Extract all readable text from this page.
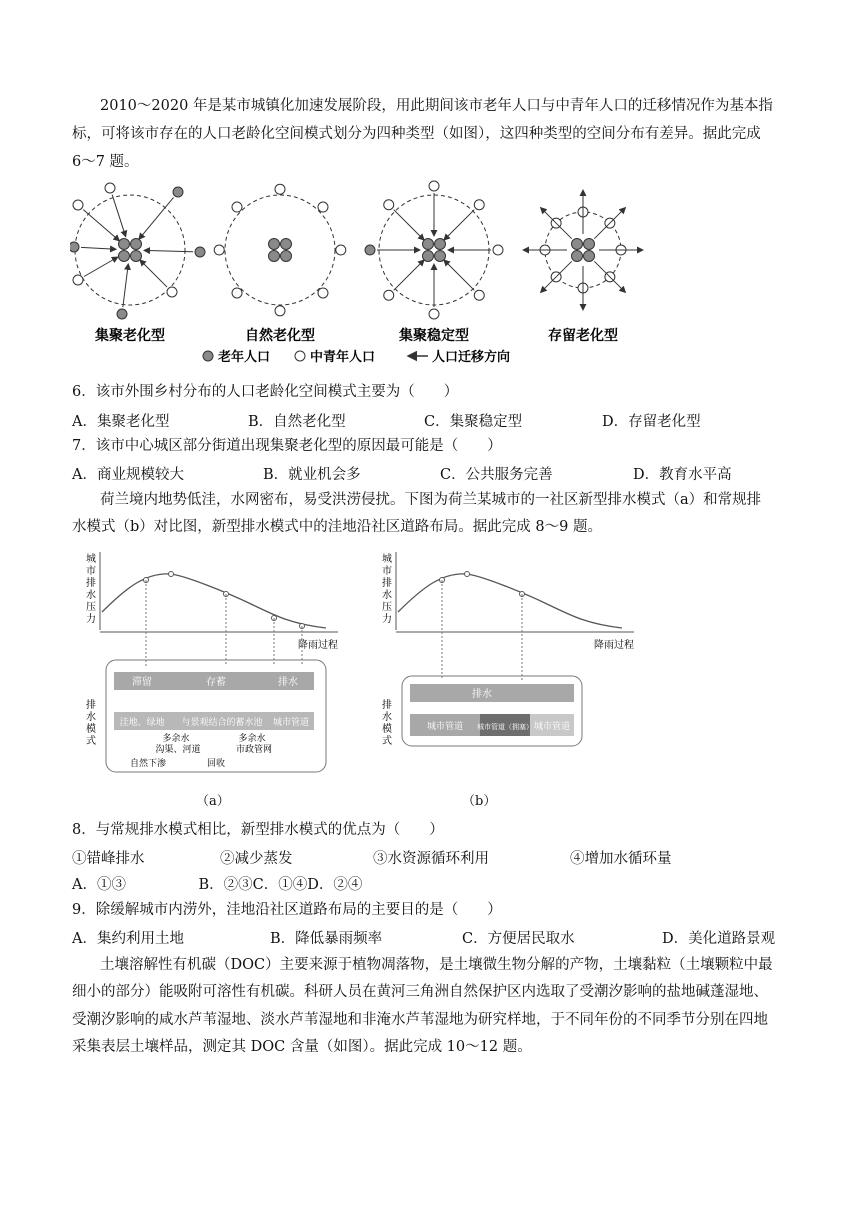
2010～2020 年是某市城镇化加速发展阶段，用此期间该市老年人口与中青年人口的迁移情况作为基本指
标，可将该市存在的人口老龄化空间模式划分为四种类型（如图），这四种类型的空间分布有差异。据此完成
6～7 题。
集聚老化型	自然老化型	集聚稳定型	存留老化型
老年人口	中青年人口	人口迁移方向
6．该市外围乡村分布的人口老龄化空间模式主要为（　　）
A．集聚老化型	B．自然老化型	C．集聚稳定型	D．存留老化型
7．该市中心城区部分街道出现集聚老化型的原因最可能是（　　）
A．商业规模较大	B．就业机会多	C．公共服务完善	D．教育水平高
荷兰境内地势低洼，水网密布，易受洪涝侵扰。下图为荷兰某城市的一社区新型排水模式（a）和常规排
水模式（b）对比图，新型排水模式中的洼地沿社区道路布局。据此完成 8～9 题。
城
市
排
水
压
力
降雨过程
排
水
模
式
滞留	存蓄	排水
洼地、绿地 与景观结合的蓄水池 城市管道
多余水	多余水
沟渠、河道	市政管网
自然下渗	回收
城
市
排
水
压
力
降雨过程
排
水
模
式
排水
城市管道 城市管道（拥塞） 城市管道
（a）	（b）
8．与常规排水模式相比，新型排水模式的优点为（　　）
①错峰排水	②减少蒸发	③水资源循环利用	④增加水循环量
A．①③　　　　　B．②③C．①④D．②④
9．除缓解城市内涝外，洼地沿社区道路布局的主要目的是（　　）
A．集约利用土地	B．降低暴雨频率	C．方便居民取水	D．美化道路景观
土壤溶解性有机碳（DOC）主要来源于植物凋落物，是土壤微生物分解的产物，土壤黏粒（土壤颗粒中最
细小的部分）能吸附可溶性有机碳。科研人员在黄河三角洲自然保护区内选取了受潮汐影响的盐地碱蓬湿地、
受潮汐影响的咸水芦苇湿地、淡水芦苇湿地和非淹水芦苇湿地为研究样地，于不同年份的不同季节分别在四地
采集表层土壤样品，测定其 DOC 含量（如图）。据此完成 10～12 题。
